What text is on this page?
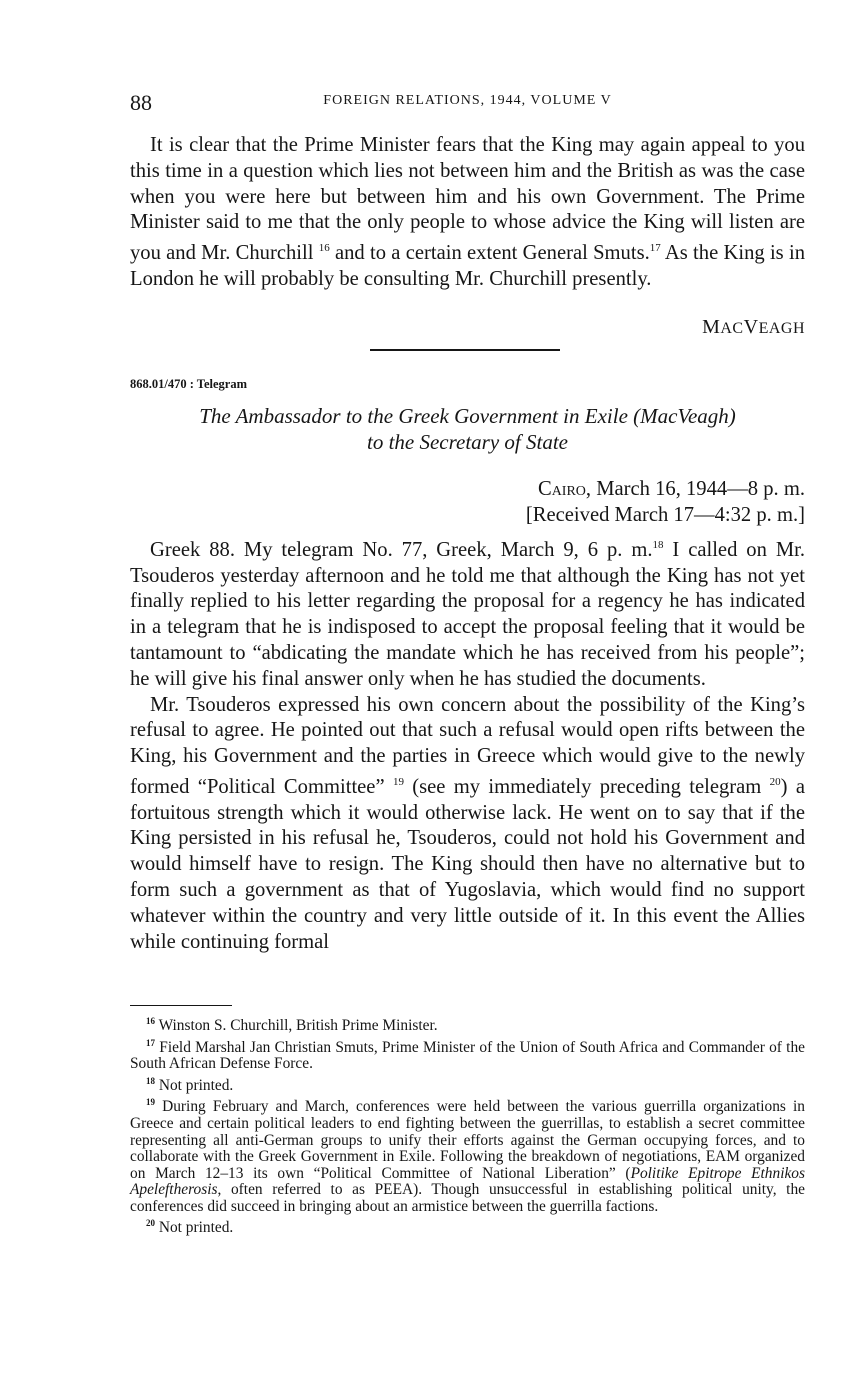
88	FOREIGN RELATIONS, 1944, VOLUME V

It is clear that the Prime Minister fears that the King may again appeal to you this time in a question which lies not between him and the British as was the case when you were here but between him and his own Government. The Prime Minister said to me that the only people to whose advice the King will listen are you and Mr. Churchill $^{16}$ and to a certain extent General Smuts.$^{17}$ As the King is in London he will probably be consulting Mr. Churchill presently.

MACVEAGH
868.01/470 : Telegram
The Ambassador to the Greek Government in Exile (MacVeagh)
to the Secretary of State
Cairo, March 16, 1944—8 p. m.
[Received March 17—4:32 p. m.]

Greek 88. My telegram No. 77, Greek, March 9, 6 p. m.$^{18}$ I called on Mr. Tsouderos yesterday afternoon and he told me that although the King has not yet finally replied to his letter regarding the proposal for a regency he has indicated in a telegram that he is indisposed to accept the proposal feeling that it would be tantamount to “abdicating the mandate which he has received from his people”; he will give his final answer only when he has studied the documents.

Mr. Tsouderos expressed his own concern about the possibility of the King’s refusal to agree. He pointed out that such a refusal would open rifts between the King, his Government and the parties in Greece which would give to the newly formed “Political Committee” $^{19}$ (see my immediately preceding telegram $^{20}$) a fortuitous strength which it would otherwise lack. He went on to say that if the King persisted in his refusal he, Tsouderos, could not hold his Government and would himself have to resign. The King should then have no alternative but to form such a government as that of Yugoslavia, which would find no support whatever within the country and very little outside of it. In this event the Allies while continuing formal

$^{16}$ Winston S. Churchill, British Prime Minister.

$^{17}$ Field Marshal Jan Christian Smuts, Prime Minister of the Union of South Africa and Commander of the South African Defense Force.

$^{18}$ Not printed.

$^{19}$ During February and March, conferences were held between the various guerrilla organizations in Greece and certain political leaders to end fighting between the guerrillas, to establish a secret committee representing all anti-German groups to unify their efforts against the German occupying forces, and to collaborate with the Greek Government in Exile. Following the breakdown of negotiations, EAM organized on March 12–13 its own “Political Committee of National Liberation” (Politike Epitrope Ethnikos Apeleftherosis, often referred to as PEEA). Though unsuccessful in establishing political unity, the conferences did succeed in bringing about an armistice between the guerrilla factions.

$^{20}$ Not printed.
